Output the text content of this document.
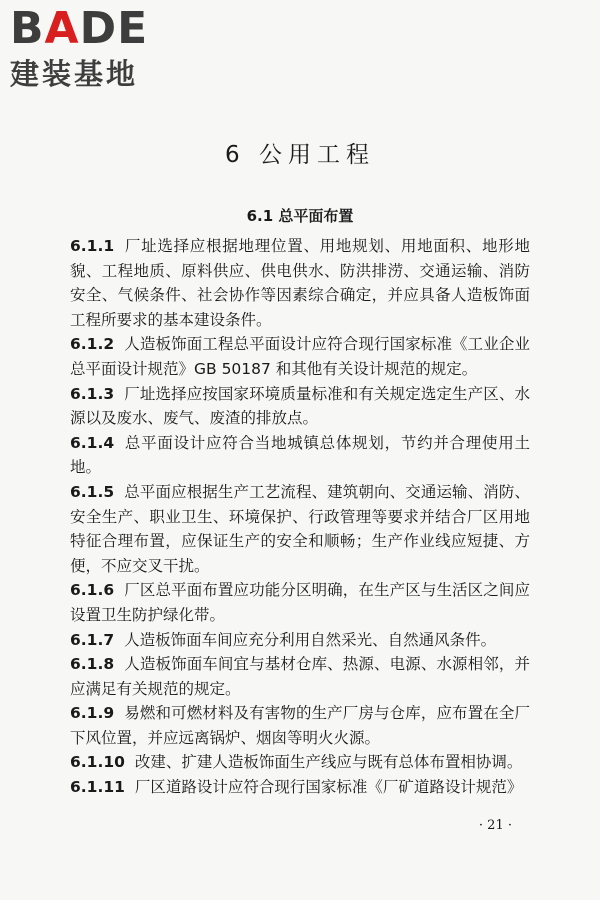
BADE
建装基地
6 公用工程
6.1 总平面布置
6.1.1 厂址选择应根据地理位置、用地规划、用地面积、地形地貌、工程地质、原料供应、供电供水、防洪排涝、交通运输、消防安全、气候条件、社会协作等因素综合确定，并应具备人造板饰面工程所要求的基本建设条件。
6.1.2 人造板饰面工程总平面设计应符合现行国家标准《工业企业总平面设计规范》GB 50187 和其他有关设计规范的规定。
6.1.3 厂址选择应按国家环境质量标准和有关规定选定生产区、水源以及废水、废气、废渣的排放点。
6.1.4 总平面设计应符合当地城镇总体规划，节约并合理使用土地。
6.1.5 总平面应根据生产工艺流程、建筑朝向、交通运输、消防、安全生产、职业卫生、环境保护、行政管理等要求并结合厂区用地特征合理布置，应保证生产的安全和顺畅；生产作业线应短捷、方便，不应交叉干扰。
6.1.6 厂区总平面布置应功能分区明确，在生产区与生活区之间应设置卫生防护绿化带。
6.1.7 人造板饰面车间应充分利用自然采光、自然通风条件。
6.1.8 人造板饰面车间宜与基材仓库、热源、电源、水源相邻，并应满足有关规范的规定。
6.1.9 易燃和可燃材料及有害物的生产厂房与仓库，应布置在全厂下风位置，并应远离锅炉、烟囱等明火火源。
6.1.10 改建、扩建人造板饰面生产线应与既有总体布置相协调。
6.1.11 厂区道路设计应符合现行国家标准《厂矿道路设计规范》
· 21 ·
